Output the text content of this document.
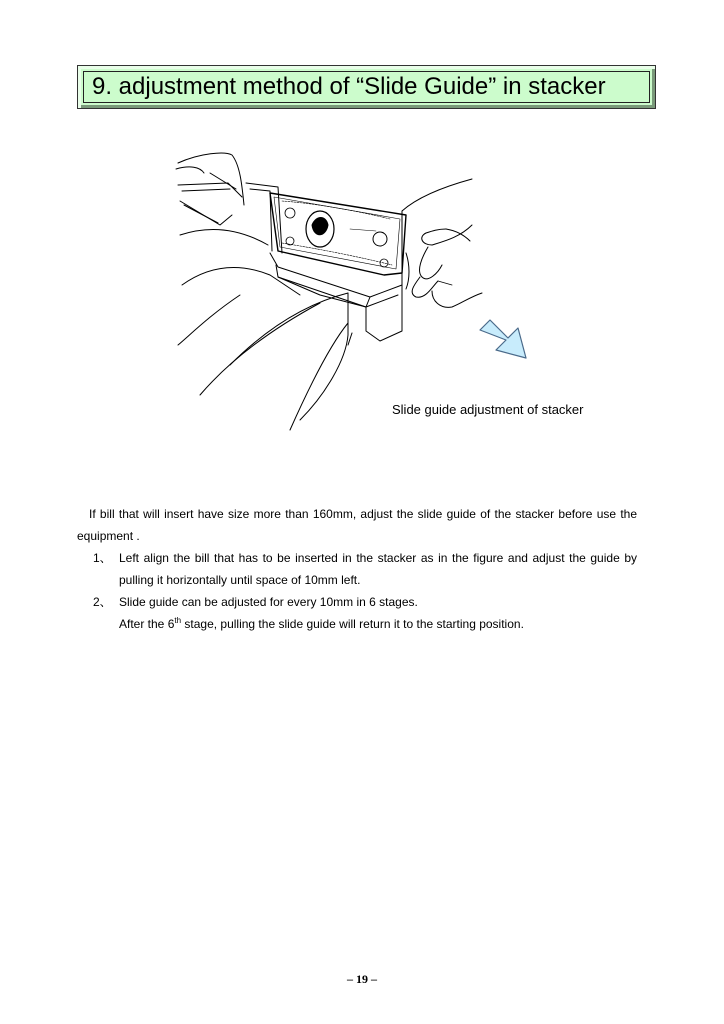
9. adjustment method of “Slide Guide” in stacker
Slide guide adjustment of stacker

If bill that will insert have size more than 160mm, adjust the slide guide of the stacker before use the equipment .

1、 Left align the bill that has to be inserted in the stacker as in the figure and adjust the guide by pulling it horizontally until space of 10mm left.
2、 Slide guide can be adjusted for every 10mm in 6 stages.
After the 6th stage, pulling the slide guide will return it to the starting position.
– 19 –
